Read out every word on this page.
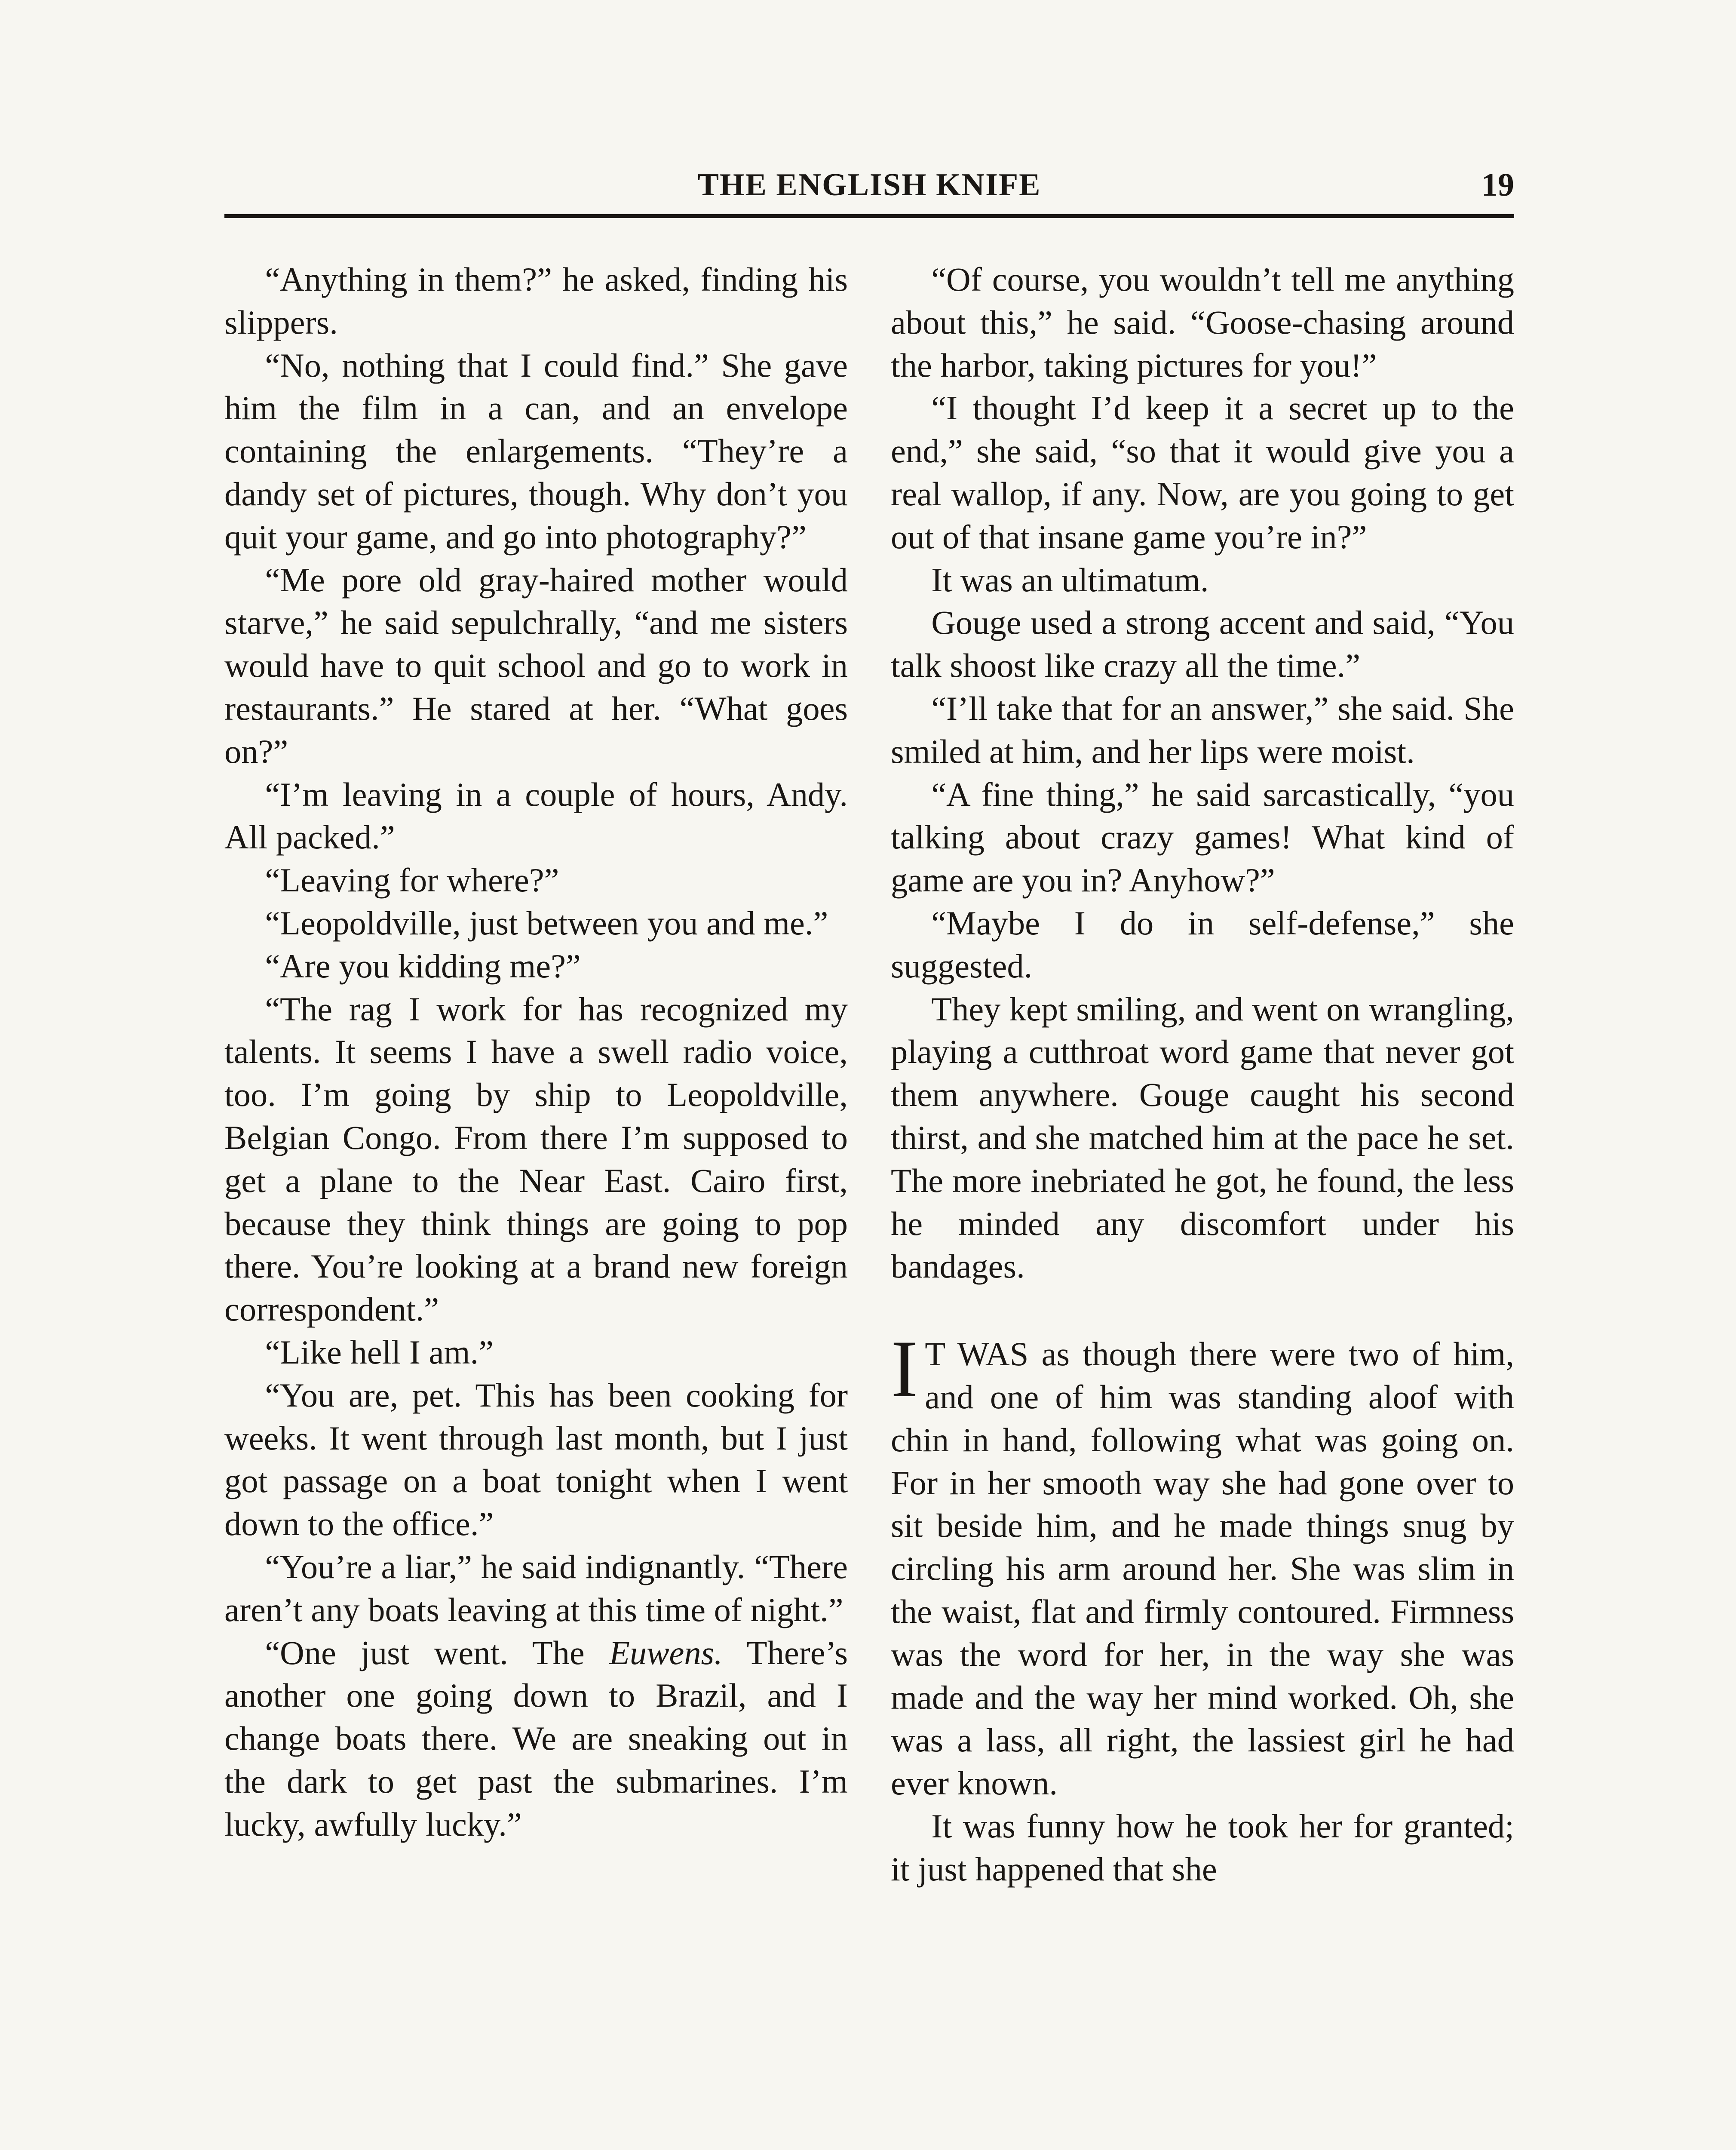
THE ENGLISH KNIFE	19

“Anything in them?” he asked, finding his slippers.

“No, nothing that I could find.” She gave him the film in a can, and an envelope containing the enlargements. “They’re a dandy set of pictures, though. Why don’t you quit your game, and go into photography?”

“Me pore old gray-haired mother would starve,” he said sepulchrally, “and me sisters would have to quit school and go to work in restaurants.” He stared at her. “What goes on?”

“I’m leaving in a couple of hours, Andy. All packed.”

“Leaving for where?”

“Leopoldville, just between you and me.”

“Are you kidding me?”

“The rag I work for has recognized my talents. It seems I have a swell radio voice, too. I’m going by ship to Leopoldville, Belgian Congo. From there I’m supposed to get a plane to the Near East. Cairo first, because they think things are going to pop there. You’re looking at a brand new foreign correspondent.”

“Like hell I am.”

“You are, pet. This has been cooking for weeks. It went through last month, but I just got passage on a boat tonight when I went down to the office.”

“You’re a liar,” he said indignantly. “There aren’t any boats leaving at this time of night.”

“One just went. The Euwens. There’s another one going down to Brazil, and I change boats there. We are sneaking out in the dark to get past the submarines. I’m lucky, awfully lucky.”

“Of course, you wouldn’t tell me anything about this,” he said. “Goose-chasing around the harbor, taking pictures for you!”

“I thought I’d keep it a secret up to the end,” she said, “so that it would give you a real wallop, if any. Now, are you going to get out of that insane game you’re in?”

It was an ultimatum.

Gouge used a strong accent and said, “You talk shoost like crazy all the time.”

“I’ll take that for an answer,” she said. She smiled at him, and her lips were moist.

“A fine thing,” he said sarcastically, “you talking about crazy games! What kind of game are you in? Anyhow?”

“Maybe I do in self-defense,” she suggested.

They kept smiling, and went on wrangling, playing a cutthroat word game that never got them anywhere. Gouge caught his second thirst, and she matched him at the pace he set. The more inebriated he got, he found, the less he minded any discomfort under his bandages.

I T WAS as though there were two of him, and one of him was standing aloof with chin in hand, following what was going on. For in her smooth way she had gone over to sit beside him, and he made things snug by circling his arm around her. She was slim in the waist, flat and firmly contoured. Firmness was the word for her, in the way she was made and the way her mind worked. Oh, she was a lass, all right, the lassiest girl he had ever known.

It was funny how he took her for granted; it just happened that she
